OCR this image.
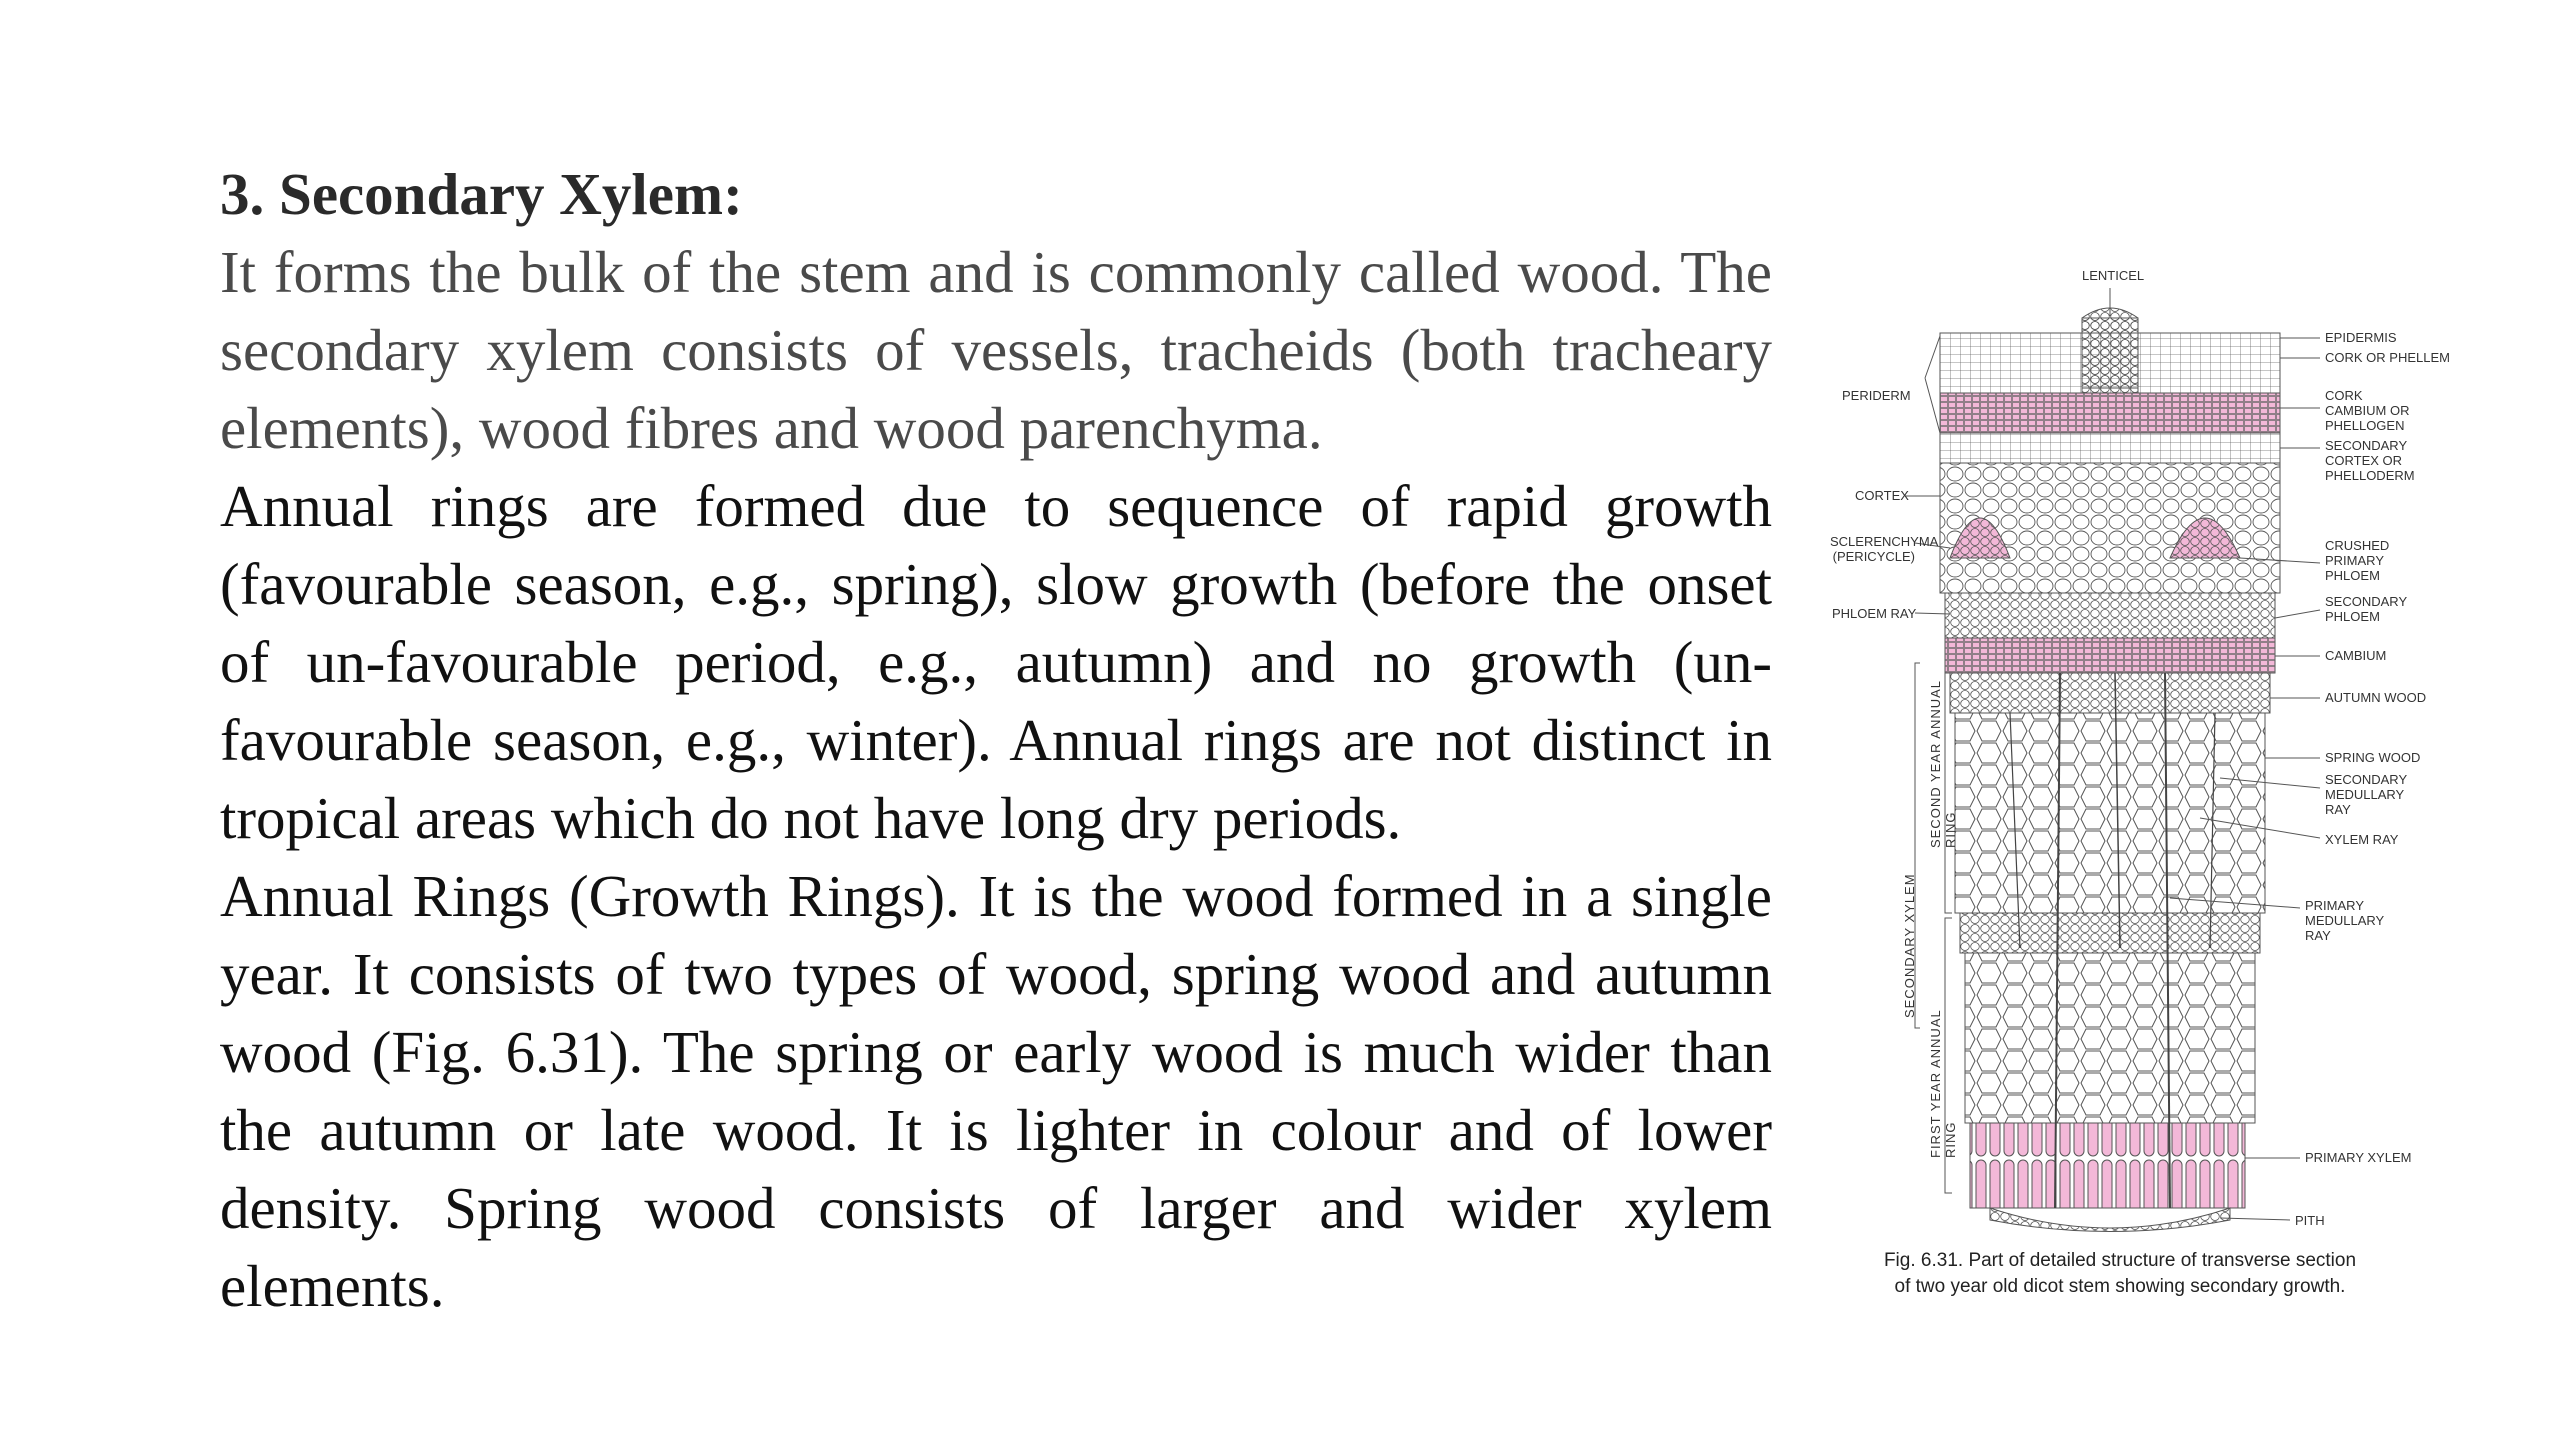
3. Secondary Xylem:

It forms the bulk of the stem and is commonly called wood. The secondary xylem consists of vessels, tracheids (both tracheary elements), wood fibres and wood parenchyma.

Annual rings are formed due to sequence of rapid growth (favourable season, e.g., spring), slow growth (before the onset of un-favourable period, e.g., autumn) and no growth (un-favourable season, e.g., winter). Annual rings are not distinct in tropical areas which do not have long dry periods.

Annual Rings (Growth Rings). It is the wood formed in a single year. It consists of two types of wood, spring wood and autumn wood (Fig. 6.31). The spring or early wood is much wider than the autumn or late wood. It is lighter in colour and of lower density. Spring wood consists of larger and wider xylem elements.

LENTICEL
EPIDERMIS
CORK OR PHELLEM
CORK CAMBIUM OR PHELLOGEN
SECONDARY CORTEX OR PHELLODERM
CRUSHED PRIMARY PHLOEM
SECONDARY PHLOEM
CAMBIUM
AUTUMN WOOD
SPRING WOOD
SECONDARY MEDULLARY RAY
XYLEM RAY
PRIMARY MEDULLARY RAY
PRIMARY XYLEM
PITH
PERIDERM
CORTEX
SCLERENCHYMA (PERICYCLE)
PHLOEM RAY
SECONDARY XYLEM
SECOND YEAR ANNUAL RING
FIRST YEAR ANNUAL RING
Fig. 6.31. Part of detailed structure of transverse section of two year old dicot stem showing secondary growth.
